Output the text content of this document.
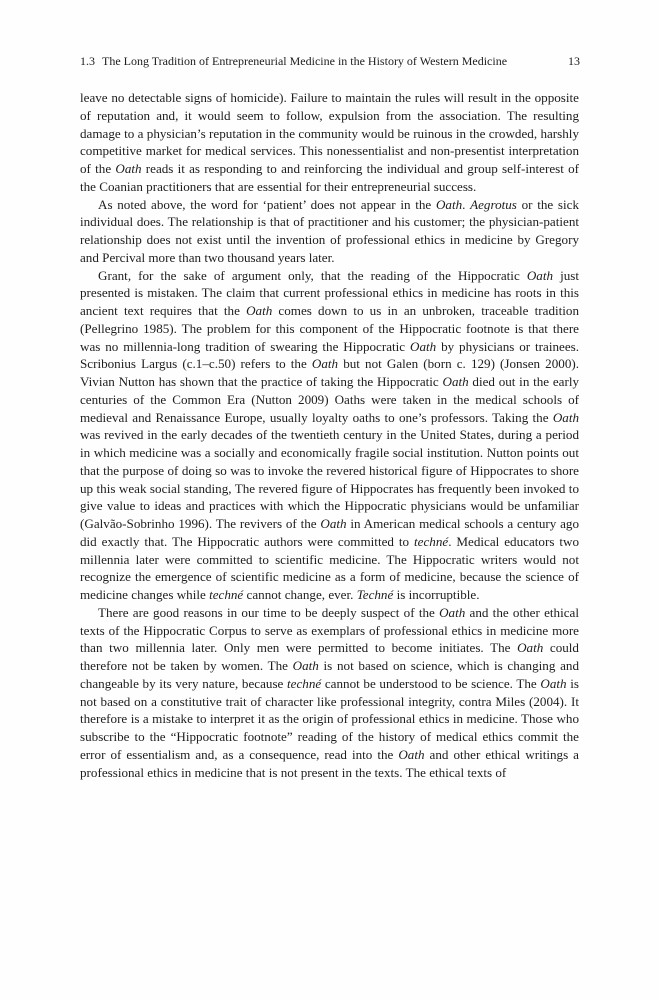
1.3 The Long Tradition of Entrepreneurial Medicine in the History of Western Medicine	13

leave no detectable signs of homicide). Failure to maintain the rules will result in the opposite of reputation and, it would seem to follow, expulsion from the association. The resulting damage to a physician’s reputation in the community would be ruinous in the crowded, harshly competitive market for medical services. This nonessentialist and non-presentist interpretation of the Oath reads it as responding to and reinforcing the individual and group self-interest of the Coanian practitioners that are essential for their entrepreneurial success.

As noted above, the word for ‘patient’ does not appear in the Oath. Aegrotus or the sick individual does. The relationship is that of practitioner and his customer; the physician-patient relationship does not exist until the invention of professional ethics in medicine by Gregory and Percival more than two thousand years later.

Grant, for the sake of argument only, that the reading of the Hippocratic Oath just presented is mistaken. The claim that current professional ethics in medicine has roots in this ancient text requires that the Oath comes down to us in an unbroken, traceable tradition (Pellegrino 1985). The problem for this component of the Hippocratic footnote is that there was no millennia-long tradition of swearing the Hippocratic Oath by physicians or trainees. Scribonius Largus (c.1–c.50) refers to the Oath but not Galen (born c. 129) (Jonsen 2000). Vivian Nutton has shown that the practice of taking the Hippocratic Oath died out in the early centuries of the Common Era (Nutton 2009) Oaths were taken in the medical schools of medieval and Renaissance Europe, usually loyalty oaths to one’s professors. Taking the Oath was revived in the early decades of the twentieth century in the United States, during a period in which medicine was a socially and economically fragile social institution. Nutton points out that the purpose of doing so was to invoke the revered historical figure of Hippocrates to shore up this weak social standing, The revered figure of Hippocrates has frequently been invoked to give value to ideas and practices with which the Hippocratic physicians would be unfamiliar (Galvão-Sobrinho 1996). The revivers of the Oath in American medical schools a century ago did exactly that. The Hippocratic authors were committed to techné. Medical educators two millennia later were committed to scientific medicine. The Hippocratic writers would not recognize the emergence of scientific medicine as a form of medicine, because the science of medicine changes while techné cannot change, ever. Techné is incorruptible.

There are good reasons in our time to be deeply suspect of the Oath and the other ethical texts of the Hippocratic Corpus to serve as exemplars of professional ethics in medicine more than two millennia later. Only men were permitted to become initiates. The Oath could therefore not be taken by women. The Oath is not based on science, which is changing and changeable by its very nature, because techné cannot be understood to be science. The Oath is not based on a constitutive trait of character like professional integrity, contra Miles (2004). It therefore is a mistake to interpret it as the origin of professional ethics in medicine. Those who subscribe to the “Hippocratic footnote” reading of the history of medical ethics commit the error of essentialism and, as a consequence, read into the Oath and other ethical writings a professional ethics in medicine that is not present in the texts. The ethical texts of
